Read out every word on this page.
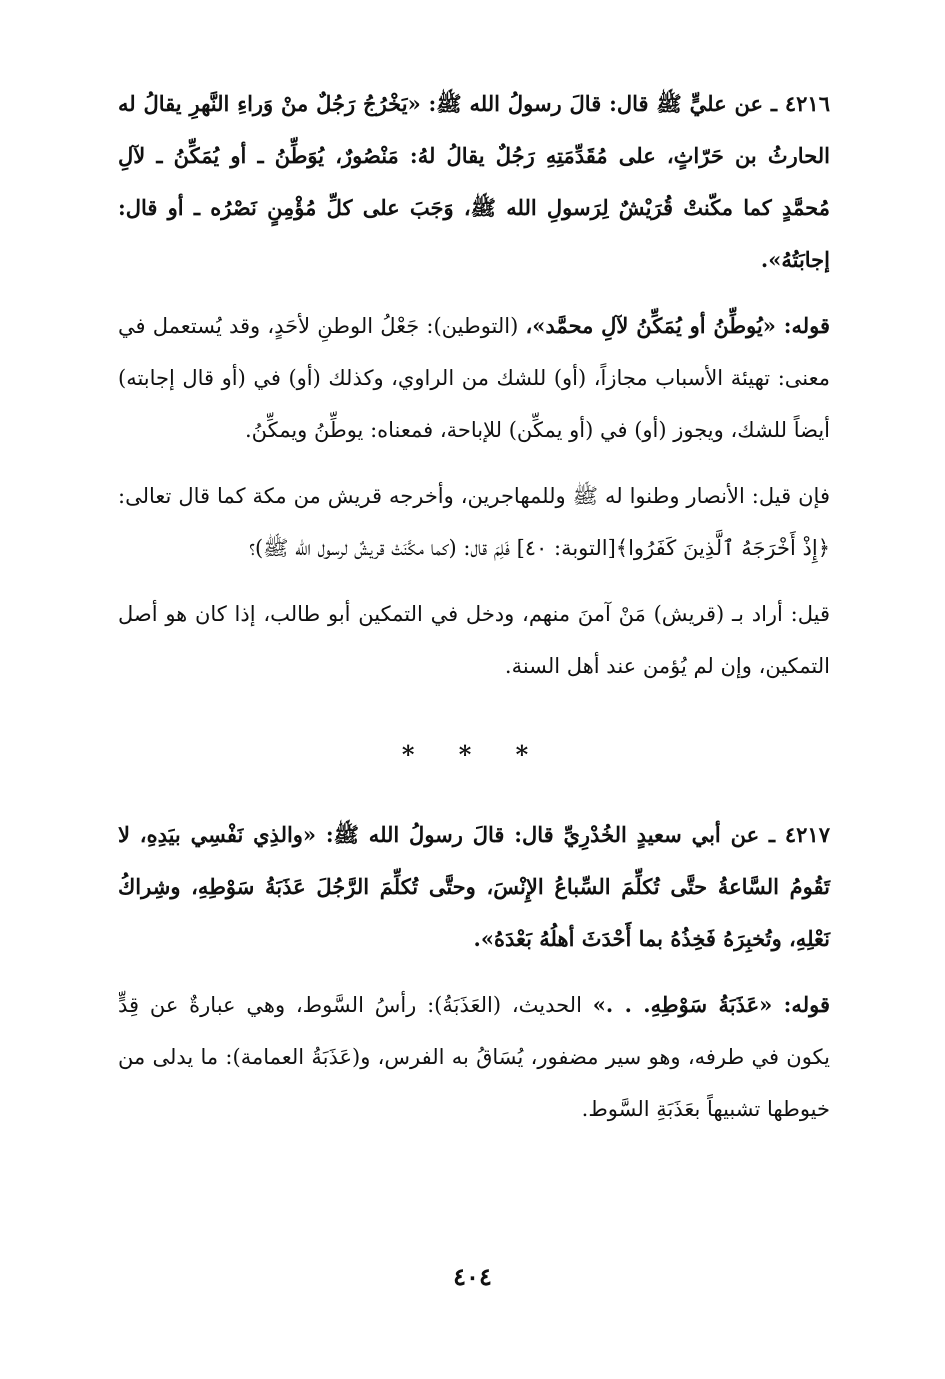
٤٢١٦ ـ عن عليٍّ ﷺ قال: قالَ رسولُ الله ﷺ: «يَخْرُجُ رَجُلٌ منْ وَراءِ النَّهرِ يقالُ له الحارثُ بن حَرّاثٍ، على مُقَدِّمَتِهِ رَجُلٌ يقالُ لهُ: مَنْصُورٌ، يُوَطِّنُ ـ أو يُمَكِّنُ ـ لآلِ مُحمَّدٍ كما مكّنتْ قُرَيْشٌ لِرَسولِ الله ﷺ، وَجَبَ على كلِّ مُؤْمِنٍ نَصْرُه ـ أو قال: إجابَتُهُ».

قوله: «يُوطِّنُ أو يُمَكِّنُ لآلِ محمَّد»، (التوطين): جَعْلُ الوطنِ لأحَدٍ، وقد يُستعمل في معنى: تهيئة الأسباب مجازاً، (أو) للشك من الراوي، وكذلك (أو) في (أو قال إجابته) أيضاً للشك، ويجوز (أو) في (أو يمكِّن) للإباحة، فمعناه: يوطِّنُ ويمكِّنُ.

فإن قيل: الأنصار وطنوا له ﷺ وللمهاجرين، وأخرجه قريش من مكة كما قال تعالى: ﴿إِذْ أَخْرَجَهُ ٱلَّذِينَ كَفَرُوا﴾[التوبة: ٤٠] فَلِمَ قال: (كما مكَّنَتْ قريشٌ لرسول الله ﷺ)؟

قيل: أراد بـ (قريش) مَنْ آمنَ منهم، ودخل في التمكين أبو طالب، إذا كان هو أصل التمكين، وإن لم يُؤمن عند أهل السنة.

* * *

٤٢١٧ ـ عن أبي سعيدٍ الخُدْرِيِّ قال: قالَ رسولُ الله ﷺ: «والذِي نَفْسِي بيَدِهِ، لا تَقُومُ السَّاعةُ حتَّى تُكلِّمَ السِّباعُ الإِنْسَ، وحتَّى تُكلِّمَ الرَّجُلَ عَذَبَةُ سَوْطِهِ، وشِراكُ نَعْلِهِ، وتُخبِرَهُ فَخِذُهُ بما أَحْدَثَ أهلُهُ بَعْدَهُ».

قوله: «عَذَبَةُ سَوْطِهِ. . .» الحديث، (العَذَبَةُ): رأسُ السَّوط، وهي عبارةٌ عن قِدٍّ يكون في طرفه، وهو سير مضفور، يُسَاقُ به الفرس، و(عَذَبَةُ العمامة): ما يدلى من خيوطها تشبيهاً بعَذَبَةِ السَّوط.

٤٠٤
